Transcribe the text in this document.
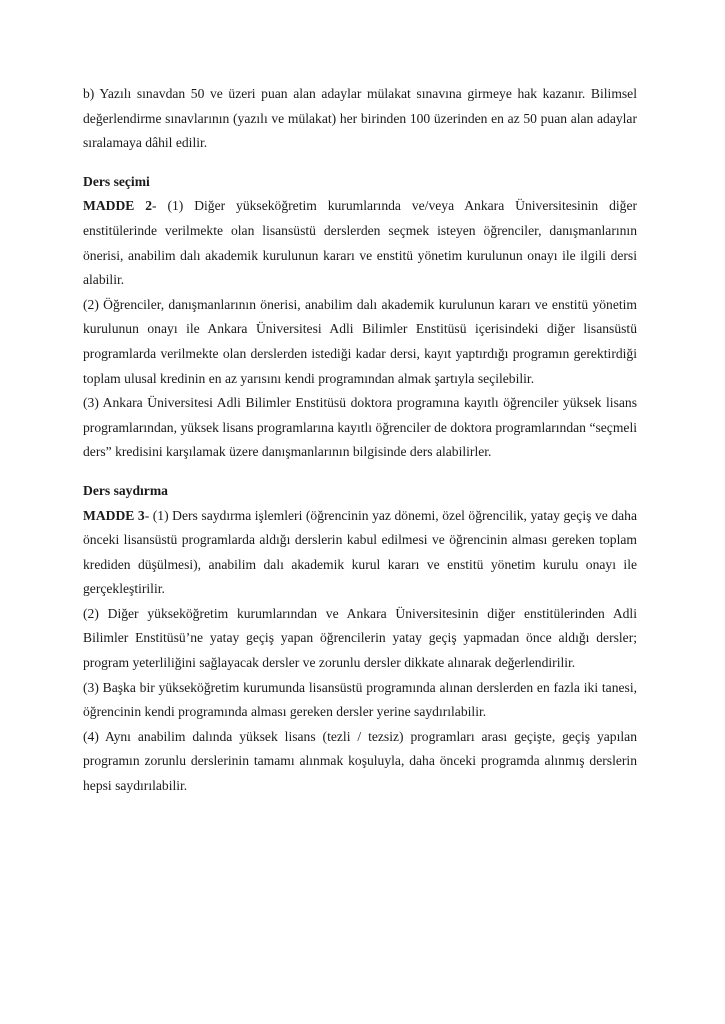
b) Yazılı sınavdan 50 ve üzeri puan alan adaylar mülakat sınavına girmeye hak kazanır. Bilimsel değerlendirme sınavlarının (yazılı ve mülakat) her birinden 100 üzerinden en az 50 puan alan adaylar sıralamaya dâhil edilir.

Ders seçimi

MADDE 2- (1) Diğer yükseköğretim kurumlarında ve/veya Ankara Üniversitesinin diğer enstitülerinde verilmekte olan lisansüstü derslerden seçmek isteyen öğrenciler, danışmanlarının önerisi, anabilim dalı akademik kurulunun kararı ve enstitü yönetim kurulunun onayı ile ilgili dersi alabilir.

(2) Öğrenciler, danışmanlarının önerisi, anabilim dalı akademik kurulunun kararı ve enstitü yönetim kurulunun onayı ile Ankara Üniversitesi Adli Bilimler Enstitüsü içerisindeki diğer lisansüstü programlarda verilmekte olan derslerden istediği kadar dersi, kayıt yaptırdığı programın gerektirdiği toplam ulusal kredinin en az yarısını kendi programından almak şartıyla seçilebilir.

(3) Ankara Üniversitesi Adli Bilimler Enstitüsü doktora programına kayıtlı öğrenciler yüksek lisans programlarından, yüksek lisans programlarına kayıtlı öğrenciler de doktora programlarından “seçmeli ders” kredisini karşılamak üzere danışmanlarının bilgisinde ders alabilirler.

Ders saydırma

MADDE 3- (1) Ders saydırma işlemleri (öğrencinin yaz dönemi, özel öğrencilik, yatay geçiş ve daha önceki lisansüstü programlarda aldığı derslerin kabul edilmesi ve öğrencinin alması gereken toplam krediden düşülmesi), anabilim dalı akademik kurul kararı ve enstitü yönetim kurulu onayı ile gerçekleştirilir.

(2) Diğer yükseköğretim kurumlarından ve Ankara Üniversitesinin diğer enstitülerinden Adli Bilimler Enstitüsü’ne yatay geçiş yapan öğrencilerin yatay geçiş yapmadan önce aldığı dersler; program yeterliliğini sağlayacak dersler ve zorunlu dersler dikkate alınarak değerlendirilir.

(3) Başka bir yükseköğretim kurumunda lisansüstü programında alınan derslerden en fazla iki tanesi, öğrencinin kendi programında alması gereken dersler yerine saydırılabilir.

(4) Aynı anabilim dalında yüksek lisans (tezli / tezsiz) programları arası geçişte, geçiş yapılan programın zorunlu derslerinin tamamı alınmak koşuluyla, daha önceki programda alınmış derslerin hepsi saydırılabilir.
